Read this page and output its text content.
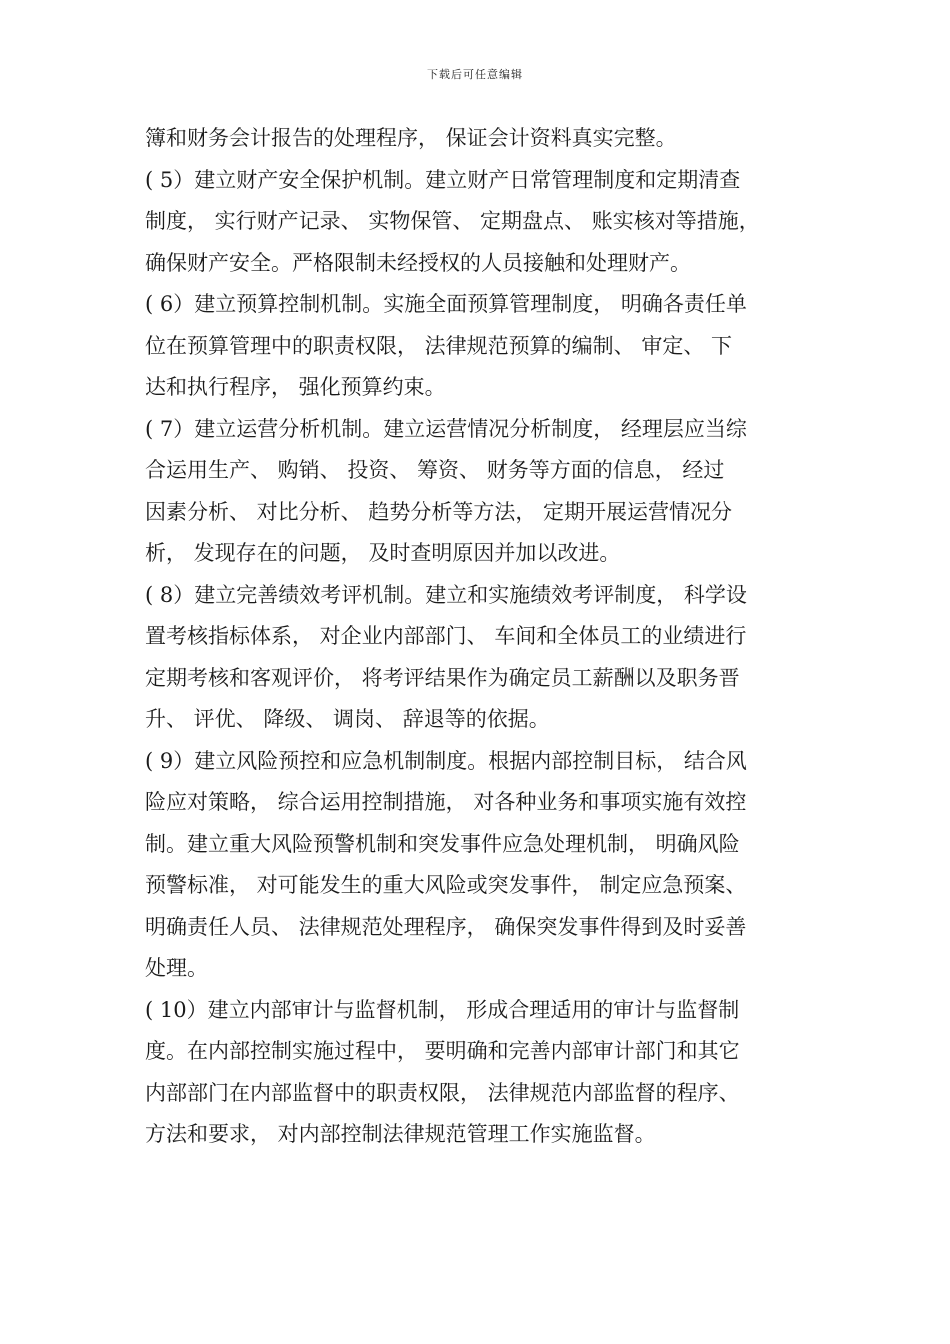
下载后可任意编辑
簿和财务会计报告的处理程序， 保证会计资料真实完整。
( 5）建立财产安全保护机制。建立财产日常管理制度和定期清查
制度， 实行财产记录、 实物保管、 定期盘点、 账实核对等措施，
确保财产安全。严格限制未经授权的人员接触和处理财产。
( 6）建立预算控制机制。实施全面预算管理制度， 明确各责任单
位在预算管理中的职责权限， 法律规范预算的编制、 审定、 下
达和执行程序， 强化预算约束。
( 7）建立运营分析机制。建立运营情况分析制度， 经理层应当综
合运用生产、 购销、 投资、 筹资、 财务等方面的信息， 经过
因素分析、 对比分析、 趋势分析等方法， 定期开展运营情况分
析， 发现存在的问题， 及时查明原因并加以改进。
( 8）建立完善绩效考评机制。建立和实施绩效考评制度， 科学设
置考核指标体系， 对企业内部部门、 车间和全体员工的业绩进行
定期考核和客观评价， 将考评结果作为确定员工薪酬以及职务晋
升、 评优、 降级、 调岗、 辞退等的依据。
( 9）建立风险预控和应急机制制度。根据内部控制目标， 结合风
险应对策略， 综合运用控制措施， 对各种业务和事项实施有效控
制。建立重大风险预警机制和突发事件应急处理机制， 明确风险
预警标准， 对可能发生的重大风险或突发事件， 制定应急预案、
明确责任人员、 法律规范处理程序， 确保突发事件得到及时妥善
处理。
( 10）建立内部审计与监督机制， 形成合理适用的审计与监督制
度。在内部控制实施过程中， 要明确和完善内部审计部门和其它
内部部门在内部监督中的职责权限， 法律规范内部监督的程序、
方法和要求， 对内部控制法律规范管理工作实施监督。
